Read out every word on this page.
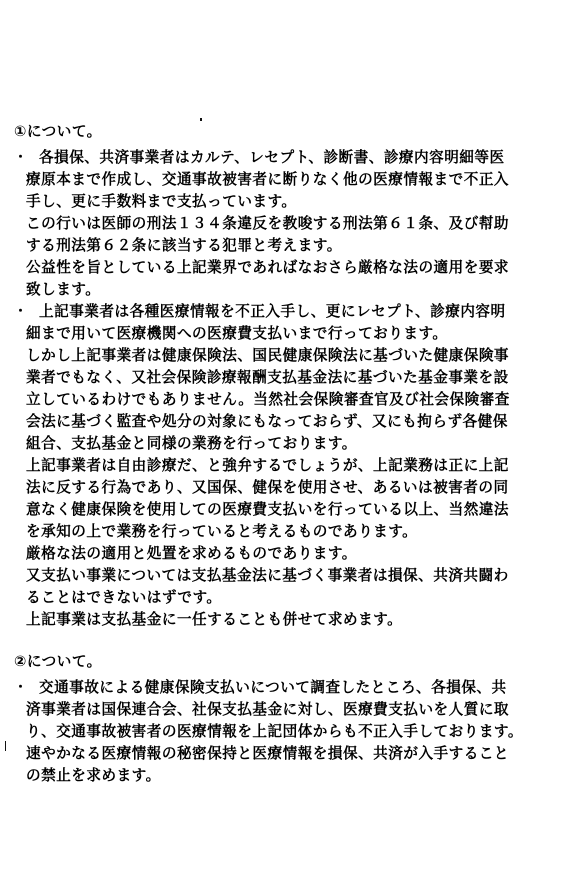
①について。
・ 各損保、共済事業者はカルテ、レセプト、診断書、診療内容明細等医
療原本まで作成し、交通事故被害者に断りなく他の医療情報まで不正入
手し、更に手数料まで支払っています。
この行いは医師の刑法１３４条違反を教唆する刑法第６１条、及び幇助
する刑法第６２条に該当する犯罪と考えます。
公益性を旨としている上記業界であればなおさら厳格な法の適用を要求
致します。
・ 上記事業者は各種医療情報を不正入手し、更にレセプト、診療内容明
細まで用いて医療機関への医療費支払いまで行っております。
しかし上記事業者は健康保険法、国民健康保険法に基づいた健康保険事
業者でもなく、又社会保険診療報酬支払基金法に基づいた基金事業を設
立しているわけでもありません。当然社会保険審査官及び社会保険審査
会法に基づく監査や処分の対象にもなっておらず、又にも拘らず各健保
組合、支払基金と同様の業務を行っております。
上記事業者は自由診療だ、と強弁するでしょうが、上記業務は正に上記
法に反する行為であり、又国保、健保を使用させ、あるいは被害者の同
意なく健康保険を使用しての医療費支払いを行っている以上、当然違法
を承知の上で業務を行っていると考えるものであります。
厳格な法の適用と処置を求めるものであります。
又支払い事業については支払基金法に基づく事業者は損保、共済共闘わ
ることはできないはずです。
上記事業は支払基金に一任することも併せて求めます。
②について。
・ 交通事故による健康保険支払いについて調査したところ、各損保、共
済事業者は国保連合会、社保支払基金に対し、医療費支払いを人質に取
り、交通事故被害者の医療情報を上記団体からも不正入手しております。
速やかなる医療情報の秘密保持と医療情報を損保、共済が入手すること
の禁止を求めます。
